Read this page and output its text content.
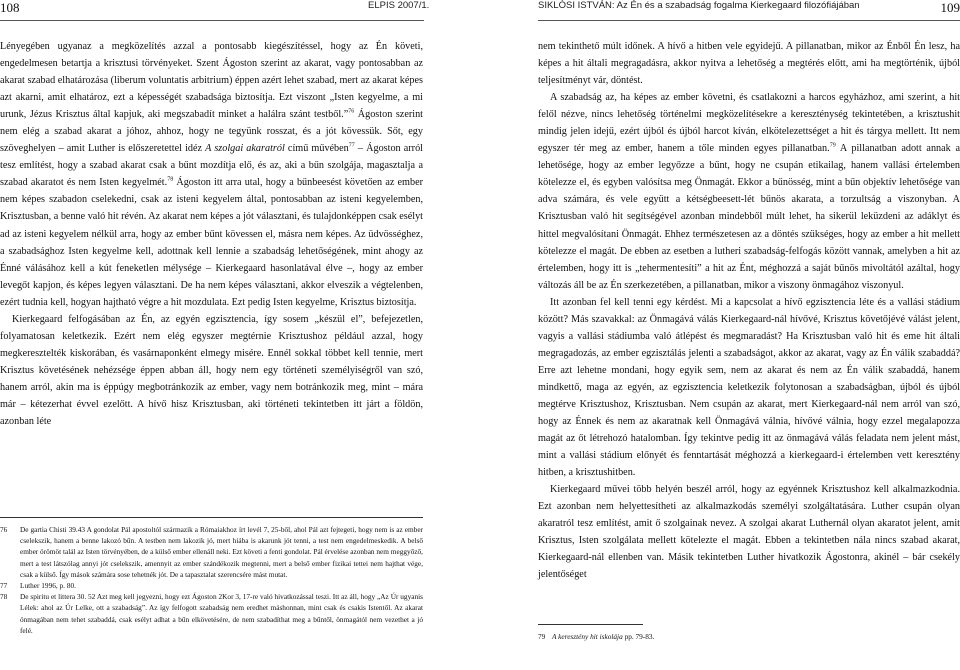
108	ELPIS 2007/1.	SIKLÓSI ISTVÁN: Az Én és a szabadság fogalma Kierkegaard filozófiájában	109

Lényegében ugyanaz a megközelítés azzal a pontosabb kiegészítéssel, hogy az Én követi, engedelmesen betartja a krisztusi törvényeket. Szent Ágoston szerint az akarat, vagy pontosabban az akarat szabad elhatározása (liberum voluntatis arbitrium) éppen azért lehet szabad, mert az akarat képes azt akarni, amit elhatároz, ezt a képességét szabadsága biztosítja. Ezt viszont „Isten kegyelme, a mi urunk, Jézus Krisztus által kapjuk, aki megszabadít minket a halálra szánt testből.”$^{76}$ Ágoston szerint nem elég a szabad akarat a jóhoz, ahhoz, hogy ne tegyünk rosszat, és a jót kövessük. Sőt, egy szöveghelyen – amit Luther is előszeretettel idéz A szolgai akaratról című művében$^{77}$ – Ágoston arról tesz említést, hogy a szabad akarat csak a bűnt mozdítja elő, és az, aki a bűn szolgája, magasztalja a szabad akaratot és nem Isten kegyelmét.$^{78}$ Ágoston itt arra utal, hogy a bűnbeesést követően az ember nem képes szabadon cselekedni, csak az isteni kegyelem által, pontosabban az isteni kegyelemben, Krisztusban, a benne való hit révén. Az akarat nem képes a jót választani, és tulajdonképpen csak esélyt ad az isteni kegyelem nélkül arra, hogy az ember bűnt kövessen el, másra nem képes. Az üdvösséghez, a szabadsághoz Isten kegyelme kell, adottnak kell lennie a szabadság lehetőségének, mint ahogy az Énné válásához kell a kút feneketlen mélysége – Kierkegaard hasonlatával élve –, hogy az ember levegőt kapjon, és képes legyen választani. De ha nem képes választani, akkor elveszik a végtelenben, ezért tudnia kell, hogyan hajtható végre a hit mozdulata. Ezt pedig Isten kegyelme, Krisztus biztosítja.

Kierkegaard felfogásában az Én, az egyén egzisztencia, így sosem „készül el”, befejezetlen, folyamatosan keletkezik. Ezért nem elég egyszer megtérnie Krisztushoz például azzal, hogy megkeresztelték kiskorában, és vasárnaponként elmegy misére. Ennél sokkal többet kell tennie, mert Krisztus követésének nehézsége éppen abban áll, hogy nem egy történeti személyiségről van szó, hanem arról, akin ma is éppúgy megbotránkozik az ember, vagy nem botránkozik meg, mint – mára már – kétezerhat évvel ezelőtt. A hívő hisz Krisztusban, aki történeti tekintetben itt járt a földön, azonban léte

76	De gartia Chisti 39.43 A gondolat Pál apostoltól származik a Rómaiakhoz írt levél 7, 25-ből, ahol Pál azt fejtegeti, hogy nem is az ember cselekszik, hanem a benne lakozó bűn. A testben nem lakozik jó, mert hiába is akarunk jót tenni, a test nem engedelmeskedik. A belső ember örömöt talál az Isten törvényében, de a külső ember ellenáll neki. Ezt követi a fenti gondolat. Pál érvelése azonban nem meggyőző, mert a test látszólag annyi jót cselekszik, amennyit az ember szándékozik megtenni, mert a belső ember fizikai tettei nem hajthat vége, csak a külső. Így mások számára sose tehetnék jót. De a tapasztalat szerencsére mást mutat.
77	Luther 1996, p. 80.
78	De spiritu et littera 30. 52 Azt meg kell jegyezni, hogy ezt Ágoston 2Kor 3, 17-re való hivatkozással teszi. Itt az áll, hogy „Az Úr ugyanis Lélek: ahol az Úr Lelke, ott a szabadság”. Az így felfogott szabadság nem eredhet máshonnan, mint csak és csakis Istentől. Az akarat önmagában nem tehet szabaddá, csak esélyt adhat a bűn elkövetésére, de nem szabadíthat meg a bűntől, önmagától nem vezethet a jó felé.

nem tekinthető múlt időnek. A hívő a hitben vele egyidejű. A pillanatban, mikor az Énből Én lesz, ha képes a hit általi megragadásra, akkor nyitva a lehetőség a megtérés előtt, ami ha megtörténik, újból teljesítményt vár, döntést.

A szabadság az, ha képes az ember követni, és csatlakozni a harcos egyházhoz, ami szerint, a hit felől nézve, nincs lehetőség történelmi megközelítésekre a kereszténység tekintetében, a krisztushit mindig jelen idejű, ezért újból és újból harcot kíván, elkötelezettséget a hit és tárgya mellett. Itt nem egyszer tér meg az ember, hanem a tőle minden egyes pillanatban.$^{79}$ A pillanatban adott annak a lehetősége, hogy az ember legyőzze a bűnt, hogy ne csupán etikailag, hanem vallási értelemben kötelezze el, és egyben valósítsa meg Önmagát. Ekkor a bűnösség, mint a bűn objektív lehetősége van adva számára, és vele együtt a kétségbeesett-lét bűnös akarata, a torzultság a viszonyban. A Krisztusban való hit segítségével azonban mindebből múlt lehet, ha sikerül leküzdeni az adáklyt és hittel megvalósítani Önmagát. Ehhez természetesen az a döntés szükséges, hogy az ember a hit mellett kötelezze el magát. De ebben az esetben a lutheri szabadság-felfogás között vannak, amelyben a hit az értelemben, hogy itt is „tehermentesíti” a hit az Ént, méghozzá a saját bűnös mivoltától azáltal, hogy változás áll be az Én szerkezetében, a pillanatban, mikor a viszony önmagához viszonyul.

Itt azonban fel kell tenni egy kérdést. Mi a kapcsolat a hívő egzisztencia léte és a vallási stádium között? Más szavakkal: az Önmagává válás Kierkegaard-nál hívővé, Krisztus követőjévé válást jelent, vagyis a vallási stádiumba való átlépést és megmaradást? Ha Krisztusban való hit és eme hit általi megragadozás, az ember egzisztálás jelenti a szabadságot, akkor az akarat, vagy az Én válik szabaddá? Erre azt lehetne mondani, hogy egyik sem, nem az akarat és nem az Én válik szabaddá, hanem mindkettő, maga az egyén, az egzisztencia keletkezik folytonosan a szabadságban, újból és újból megtérve Krisztushoz, Krisztusban. Nem csupán az akarat, mert Kierkegaard-nál nem arról van szó, hogy az Énnek és nem az akaratnak kell Önmagává válnia, hívővé válnia, hogy ezzel megalapozza magát az őt létrehozó hatalomban. Így tekintve pedig itt az önmagává válás feladata nem jelent mást, mint a vallási stádium előnyét és fenntartását méghozzá a kierkegaard-i értelemben vett keresztény hitben, a krisztushitben.

Kierkegaard művei több helyén beszél arról, hogy az egyénnek Krisztushoz kell alkalmazkodnia. Ezt azonban nem helyettesítheti az alkalmazkodás személyi szolgáltatására. Luther csupán olyan akaratról tesz említést, amit ő szolgainak nevez. A szolgai akarat Luthernál olyan akaratot jelent, amit Krisztus, Isten szolgálata mellett kötelezte el magát. Ebben a tekintetben nála nincs szabad akarat, Kierkegaard-nál ellenben van. Másik tekintetben Luther hivatkozik Ágostonra, akinél – bár csekély jelentőséget

79 A keresztény hit iskolája pp. 79-83.
